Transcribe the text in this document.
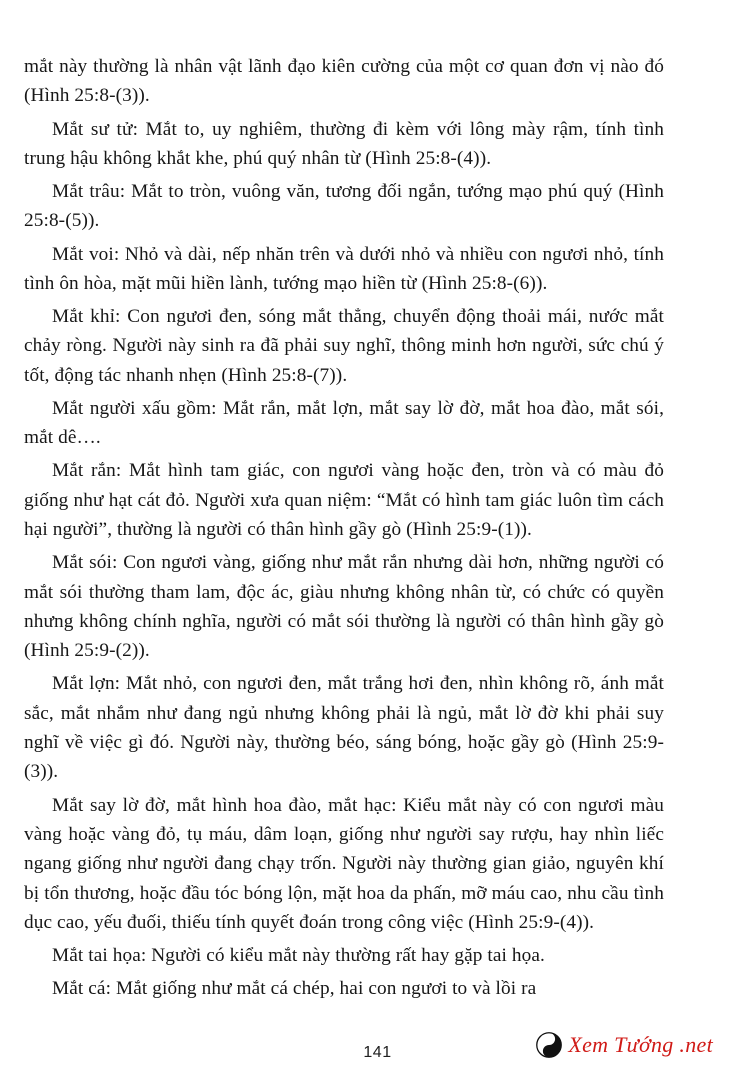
mắt này thường là nhân vật lãnh đạo kiên cường của một cơ quan đơn vị nào đó (Hình 25:8-(3)).

Mắt sư tử: Mắt to, uy nghiêm, thường đi kèm với lông mày rậm, tính tình trung hậu không khắt khe, phú quý nhân từ (Hình 25:8-(4)).

Mắt trâu: Mắt to tròn, vuông văn, tương đối ngắn, tướng mạo phú quý (Hình 25:8-(5)).

Mắt voi: Nhỏ và dài, nếp nhăn trên và dưới nhỏ và nhiều con ngươi nhỏ, tính tình ôn hòa, mặt mũi hiền lành, tướng mạo hiền từ (Hình 25:8-(6)).

Mắt khỉ: Con ngươi đen, sóng mắt thẳng, chuyển động thoải mái, nước mắt chảy ròng. Người này sinh ra đã phải suy nghĩ, thông minh hơn người, sức chú ý tốt, động tác nhanh nhẹn (Hình 25:8-(7)).

Mắt người xấu gồm: Mắt rắn, mắt lợn, mắt say lờ đờ, mắt hoa đào, mắt sói, mắt dê….

Mắt rắn: Mắt hình tam giác, con ngươi vàng hoặc đen, tròn và có màu đỏ giống như hạt cát đỏ. Người xưa quan niệm: “Mắt có hình tam giác luôn tìm cách hại người”, thường là người có thân hình gầy gò (Hình 25:9-(1)).

Mắt sói: Con ngươi vàng, giống như mắt rắn nhưng dài hơn, những người có mắt sói thường tham lam, độc ác, giàu nhưng không nhân từ, có chức có quyền nhưng không chính nghĩa, người có mắt sói thường là người có thân hình gầy gò (Hình 25:9-(2)).

Mắt lợn: Mắt nhỏ, con ngươi đen, mắt trắng hơi đen, nhìn không rõ, ánh mắt sắc, mắt nhắm như đang ngủ nhưng không phải là ngủ, mắt lờ đờ khi phải suy nghĩ về việc gì đó. Người này, thường béo, sáng bóng, hoặc gầy gò (Hình 25:9-(3)).

Mắt say lờ đờ, mắt hình hoa đào, mắt hạc: Kiểu mắt này có con ngươi màu vàng hoặc vàng đỏ, tụ máu, dâm loạn, giống như người say rượu, hay nhìn liếc ngang giống như người đang chạy trốn. Người này thường gian giảo, nguyên khí bị tổn thương, hoặc đầu tóc bóng lộn, mặt hoa da phấn, mỡ máu cao, nhu cầu tình dục cao, yếu đuối, thiếu tính quyết đoán trong công việc (Hình 25:9-(4)).

Mắt tai họa: Người có kiểu mắt này thường rất hay gặp tai họa.

Mắt cá: Mắt giống như mắt cá chép, hai con ngươi to và lồi ra

Xem Tướng .net
141
